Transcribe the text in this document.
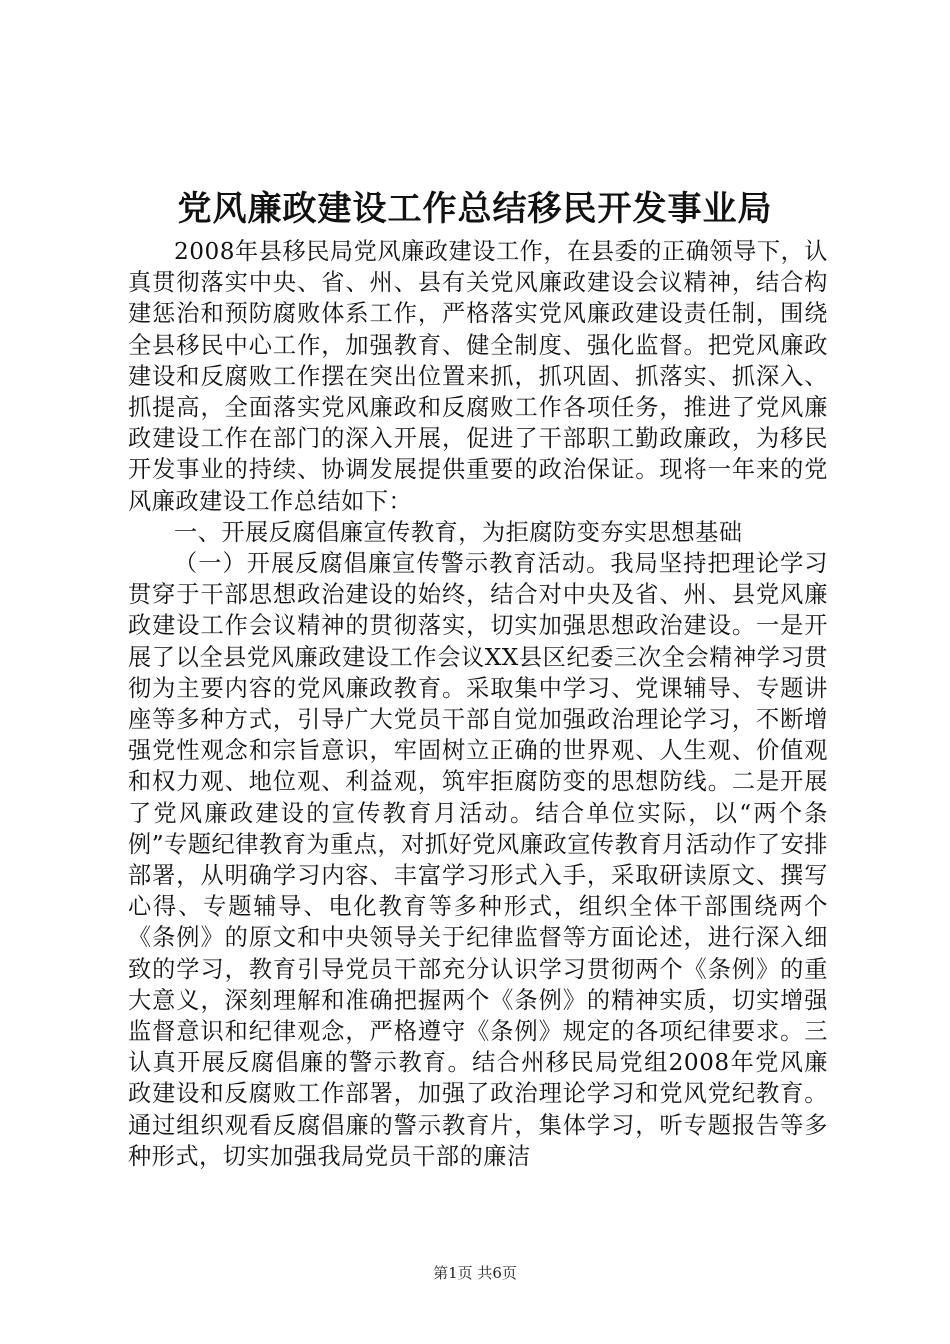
党风廉政建设工作总结移民开发事业局

2008年县移民局党风廉政建设工作，在县委的正确领导下，认真贯彻落实中央、省、州、县有关党风廉政建设会议精神，结合构建惩治和预防腐败体系工作，严格落实党风廉政建设责任制，围绕全县移民中心工作，加强教育、健全制度、强化监督。把党风廉政建设和反腐败工作摆在突出位置来抓，抓巩固、抓落实、抓深入、抓提高，全面落实党风廉政和反腐败工作各项任务，推进了党风廉政建设工作在部门的深入开展，促进了干部职工勤政廉政，为移民开发事业的持续、协调发展提供重要的政治保证。现将一年来的党风廉政建设工作总结如下：

一、开展反腐倡廉宣传教育，为拒腐防变夯实思想基础

（一）开展反腐倡廉宣传警示教育活动。我局坚持把理论学习贯穿于干部思想政治建设的始终，结合对中央及省、州、县党风廉政建设工作会议精神的贯彻落实，切实加强思想政治建设。一是开展了以全县党风廉政建设工作会议XX县区纪委三次全会精神学习贯彻为主要内容的党风廉政教育。采取集中学习、党课辅导、专题讲座等多种方式，引导广大党员干部自觉加强政治理论学习，不断增强党性观念和宗旨意识，牢固树立正确的世界观、人生观、价值观和权力观、地位观、利益观，筑牢拒腐防变的思想防线。二是开展了党风廉政建设的宣传教育月活动。结合单位实际，以“两个条例”专题纪律教育为重点，对抓好党风廉政宣传教育月活动作了安排部署，从明确学习内容、丰富学习形式入手，采取研读原文、撰写心得、专题辅导、电化教育等多种形式，组织全体干部围绕两个《条例》的原文和中央领导关于纪律监督等方面论述，进行深入细致的学习，教育引导党员干部充分认识学习贯彻两个《条例》的重大意义，深刻理解和准确把握两个《条例》的精神实质，切实增强监督意识和纪律观念，严格遵守《条例》规定的各项纪律要求。三认真开展反腐倡廉的警示教育。结合州移民局党组2008年党风廉政建设和反腐败工作部署，加强了政治理论学习和党风党纪教育。通过组织观看反腐倡廉的警示教育片，集体学习，听专题报告等多种形式，切实加强我局党员干部的廉洁

第1页 共6页
